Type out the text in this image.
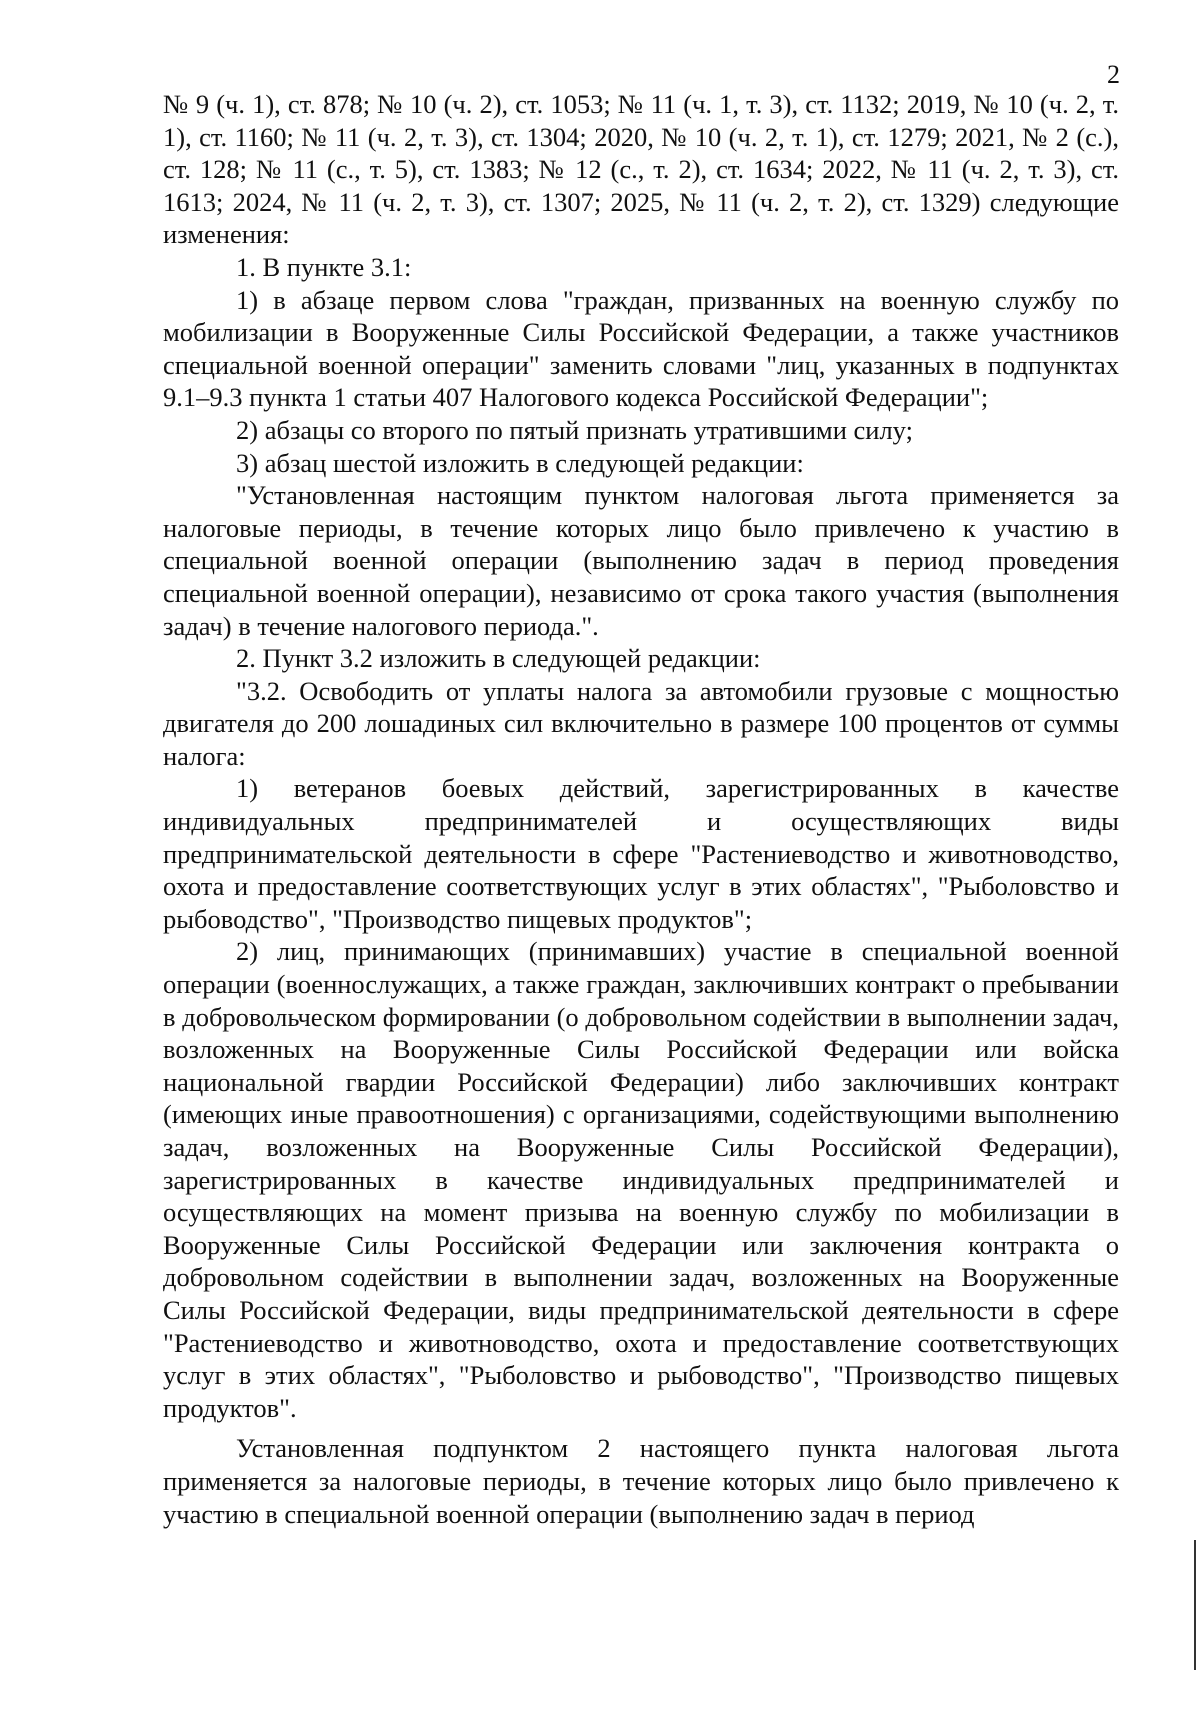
2

№ 9 (ч. 1), ст. 878; № 10 (ч. 2), ст. 1053; № 11 (ч. 1, т. 3), ст. 1132; 2019, № 10 (ч. 2, т. 1), ст. 1160; № 11 (ч. 2, т. 3), ст. 1304; 2020, № 10 (ч. 2, т. 1), ст. 1279; 2021, № 2 (с.), ст. 128; № 11 (с., т. 5), ст. 1383; № 12 (с., т. 2), ст. 1634; 2022, № 11 (ч. 2, т. 3), ст. 1613; 2024, № 11 (ч. 2, т. 3), ст. 1307; 2025, № 11 (ч. 2, т. 2), ст. 1329) следующие изменения:

1. В пункте 3.1:

1) в абзаце первом слова "граждан, призванных на военную службу по мобилизации в Вооруженные Силы Российской Федерации, а также участников специальной военной операции" заменить словами "лиц, указанных в подпунктах 9.1–9.3 пункта 1 статьи 407 Налогового кодекса Российской Федерации";

2) абзацы со второго по пятый признать утратившими силу;

3) абзац шестой изложить в следующей редакции:

"Установленная настоящим пунктом налоговая льгота применяется за налоговые периоды, в течение которых лицо было привлечено к участию в специальной военной операции (выполнению задач в период проведения специальной военной операции), независимо от срока такого участия (выполнения задач) в течение налогового периода.".

2. Пункт 3.2 изложить в следующей редакции:

"3.2. Освободить от уплаты налога за автомобили грузовые с мощностью двигателя до 200 лошадиных сил включительно в размере 100 процентов от суммы налога:

1) ветеранов боевых действий, зарегистрированных в качестве индивидуальных предпринимателей и осуществляющих виды предпринимательской деятельности в сфере "Растениеводство и животноводство, охота и предоставление соответствующих услуг в этих областях", "Рыболовство и рыбоводство", "Производство пищевых продуктов";

2) лиц, принимающих (принимавших) участие в специальной военной операции (военнослужащих, а также граждан, заключивших контракт о пребывании в добровольческом формировании (о добровольном содействии в выполнении задач, возложенных на Вооруженные Силы Российской Федерации или войска национальной гвардии Российской Федерации) либо заключивших контракт (имеющих иные правоотношения) с организациями, содействующими выполнению задач, возложенных на Вооруженные Силы Российской Федерации), зарегистрированных в качестве индивидуальных предпринимателей и осуществляющих на момент призыва на военную службу по мобилизации в Вооруженные Силы Российской Федерации или заключения контракта о добровольном содействии в выполнении задач, возложенных на Вооруженные Силы Российской Федерации, виды предпринимательской деятельности в сфере "Растениеводство и животноводство, охота и предоставление соответствующих услуг в этих областях", "Рыболовство и рыбоводство", "Производство пищевых продуктов".

Установленная подпунктом 2 настоящего пункта налоговая льгота применяется за налоговые периоды, в течение которых лицо было привлечено к участию в специальной военной операции (выполнению задач в период
